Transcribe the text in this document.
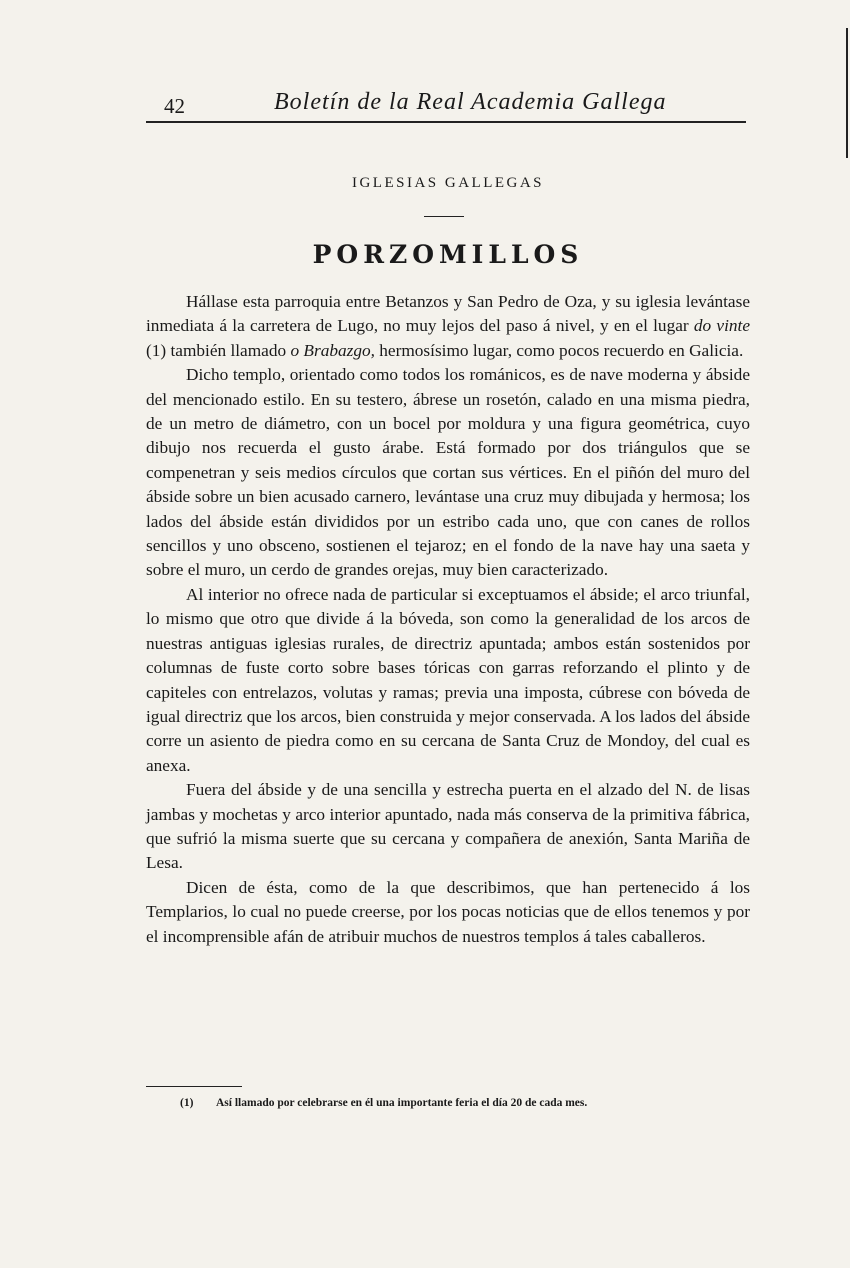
42	Boletín de la Real Academia Gallega
IGLESIAS GALLEGAS
PORZOMILLOS

Hállase esta parroquia entre Betanzos y San Pedro de Oza, y su iglesia levántase inmediata á la carretera de Lugo, no muy lejos del paso á nivel, y en el lugar do vinte (1) también llamado o Brabazgo, hermosísimo lugar, como pocos recuerdo en Galicia.

Dicho templo, orientado como todos los románicos, es de nave moderna y ábside del mencionado estilo. En su testero, ábrese un rosetón, calado en una misma piedra, de un metro de diámetro, con un bocel por moldura y una figura geométrica, cuyo dibujo nos recuerda el gusto árabe. Está formado por dos triángulos que se compenetran y seis medios círculos que cortan sus vértices. En el piñón del muro del ábside sobre un bien acusado carnero, levántase una cruz muy dibujada y hermosa; los lados del ábside están divididos por un estribo cada uno, que con canes de rollos sencillos y uno obsceno, sostienen el tejaroz; en el fondo de la nave hay una saeta y sobre el muro, un cerdo de grandes orejas, muy bien caracterizado.

Al interior no ofrece nada de particular si exceptuamos el ábside; el arco triunfal, lo mismo que otro que divide á la bóveda, son como la generalidad de los arcos de nuestras antiguas iglesias rurales, de directriz apuntada; ambos están sostenidos por columnas de fuste corto sobre bases tóricas con garras reforzando el plinto y de capiteles con entrelazos, volutas y ramas; previa una imposta, cúbrese con bóveda de igual directriz que los arcos, bien construida y mejor conservada. A los lados del ábside corre un asiento de piedra como en su cercana de Santa Cruz de Mondoy, del cual es anexa.

Fuera del ábside y de una sencilla y estrecha puerta en el alzado del N. de lisas jambas y mochetas y arco interior apuntado, nada más conserva de la primitiva fábrica, que sufrió la misma suerte que su cercana y compañera de anexión, Santa Mariña de Lesa.

Dicen de ésta, como de la que describimos, que han pertenecido á los Templarios, lo cual no puede creerse, por los pocas noticias que de ellos tenemos y por el incomprensible afán de atribuir muchos de nuestros templos á tales caballeros.

(1) Así llamado por celebrarse en él una importante feria el día 20 de cada mes.
